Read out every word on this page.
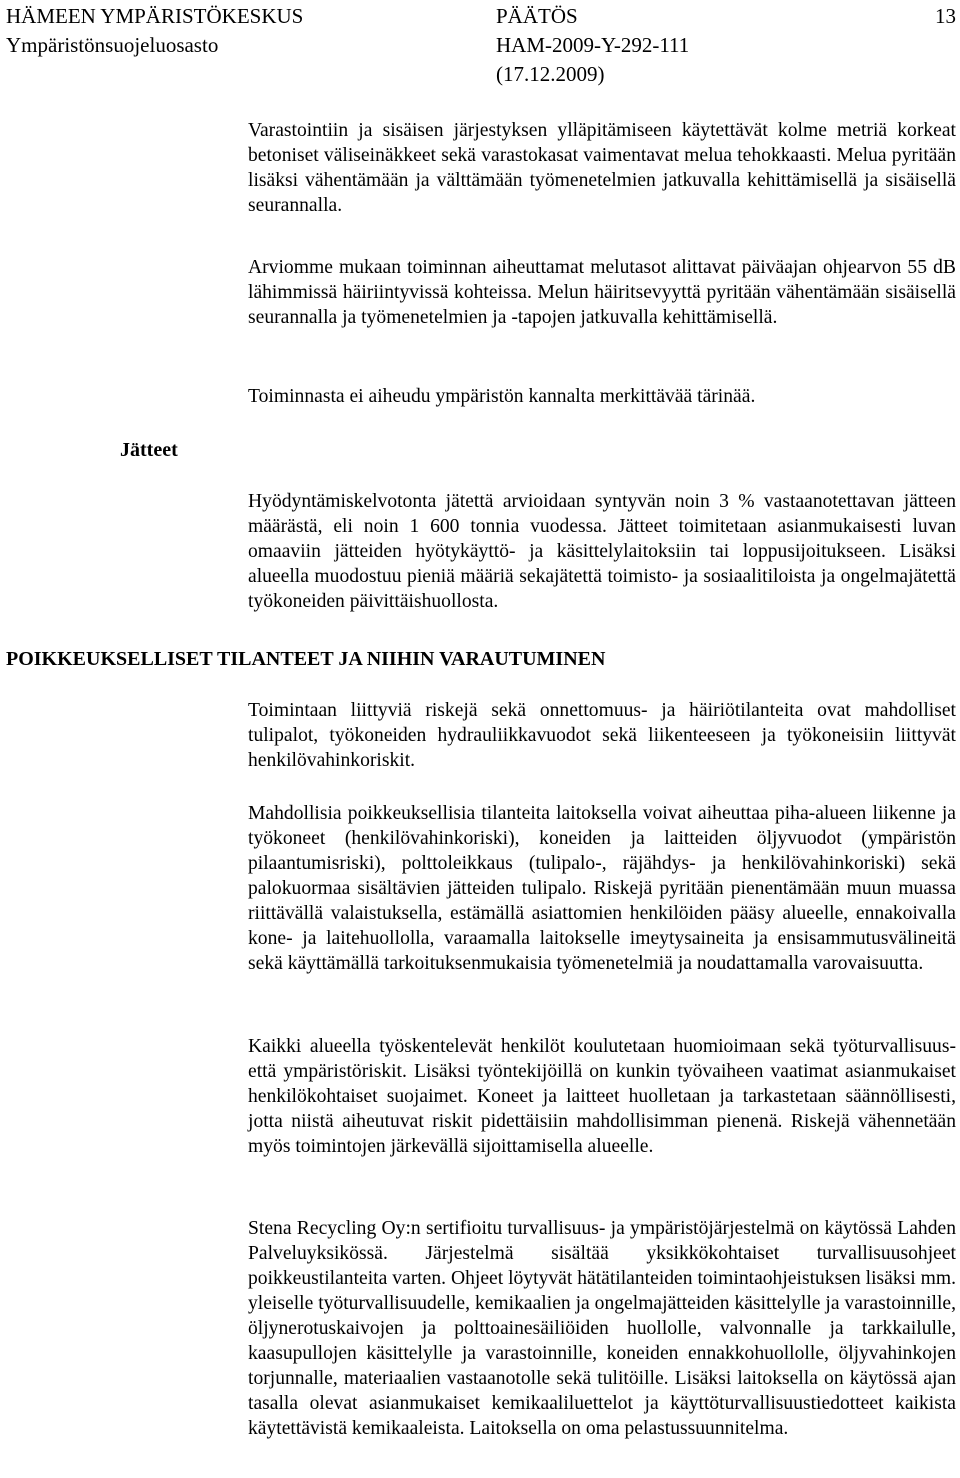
HÄMEEN YMPÄRISTÖKESKUS
Ympäristönsuojeluosasto
PÄÄTÖS
HAM-2009-Y-292-111
(17.12.2009)
13

Varastointiin ja sisäisen järjestyksen ylläpitämiseen käytettävät kolme metriä korkeat betoniset väliseinäkkeet sekä varastokasat vaimentavat melua tehokkaasti. Melua pyritään lisäksi vähentämään ja välttämään työmenetelmien jatkuvalla kehittämisellä ja sisäisellä seurannalla.

Arviomme mukaan toiminnan aiheuttamat melutasot alittavat päiväajan ohjearvon 55 dB lähimmissä häiriintyvissä kohteissa. Melun häiritsevyyttä pyritään vähentämään sisäisellä seurannalla ja työmenetelmien ja -tapojen jatkuvalla kehittämisellä.

Toiminnasta ei aiheudu ympäristön kannalta merkittävää tärinää.

Jätteet

Hyödyntämiskelvotonta jätettä arvioidaan syntyvän noin 3 % vastaanotettavan jätteen määrästä, eli noin 1 600 tonnia vuodessa. Jätteet toimitetaan asianmukaisesti luvan omaaviin jätteiden hyötykäyttö- ja käsittelylaitoksiin tai loppusijoitukseen. Lisäksi alueella muodostuu pieniä määriä sekajätettä toimisto- ja sosiaalitiloista ja ongelmajätettä työkoneiden päivittäishuollosta.

POIKKEUKSELLISET TILANTEET JA NIIHIN VARAUTUMINEN

Toimintaan liittyviä riskejä sekä onnettomuus- ja häiriötilanteita ovat mahdolliset tulipalot, työkoneiden hydrauliikkavuodot sekä liikenteeseen ja työkoneisiin liittyvät henkilövahinkoriskit.

Mahdollisia poikkeuksellisia tilanteita laitoksella voivat aiheuttaa piha-alueen liikenne ja työkoneet (henkilövahinkoriski), koneiden ja laitteiden öljyvuodot (ympäristön pilaantumisriski), polttoleikkaus (tulipalo-, räjähdys- ja henkilövahinkoriski) sekä palokuormaa sisältävien jätteiden tulipalo. Riskejä pyritään pienentämään muun muassa riittävällä valaistuksella, estämällä asiattomien henkilöiden pääsy alueelle, ennakoivalla kone- ja laitehuollolla, varaamalla laitokselle imeytysaineita ja ensisammutusvälineitä sekä käyttämällä tarkoituksenmukaisia työmenetelmiä ja noudattamalla varovaisuutta.

Kaikki alueella työskentelevät henkilöt koulutetaan huomioimaan sekä työturvallisuus- että ympäristöriskit. Lisäksi työntekijöillä on kunkin työvaiheen vaatimat asianmukaiset henkilökohtaiset suojaimet. Koneet ja laitteet huolletaan ja tarkastetaan säännöllisesti, jotta niistä aiheutuvat riskit pidettäisiin mahdollisimman pienenä. Riskejä vähennetään myös toimintojen järkevällä sijoittamisella alueelle.

Stena Recycling Oy:n sertifioitu turvallisuus- ja ympäristöjärjestelmä on käytössä Lahden Palveluyksikössä. Järjestelmä sisältää yksikkökohtaiset turvallisuusohjeet poikkeustilanteita varten. Ohjeet löytyvät hätätilanteiden toimintaohjeistuksen lisäksi mm. yleiselle työturvallisuudelle, kemikaalien ja ongelmajätteiden käsittelylle ja varastoinnille, öljynerotuskaivojen ja polttoainesäiliöiden huollolle, valvonnalle ja tarkkailulle, kaasupullojen käsittelylle ja varastoinnille, koneiden ennakkohuollolle, öljyvahinkojen torjunnalle, materiaalien vastaanotolle sekä tulitöille. Lisäksi laitoksella on käytössä ajan tasalla olevat asianmukaiset kemikaaliluettelot ja käyttöturvallisuustiedotteet kaikista käytettävistä kemikaaleista. Laitoksella on oma pelastussuunnitelma.
